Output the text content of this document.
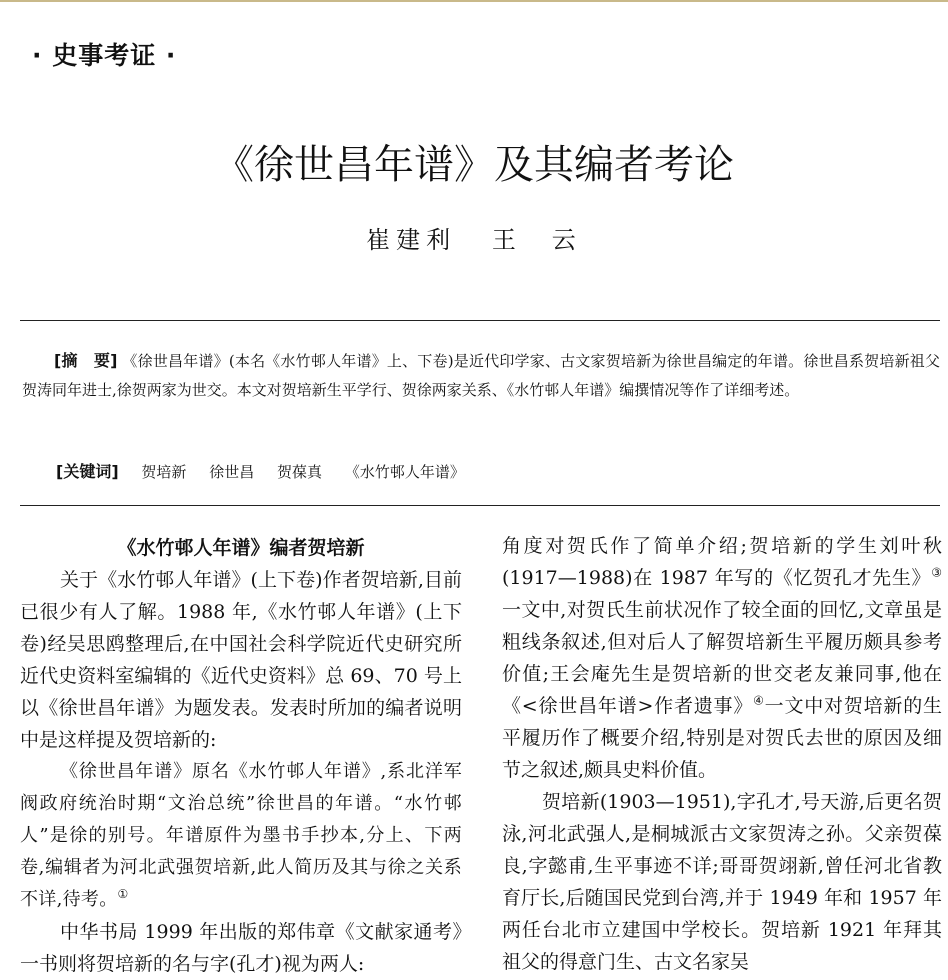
· 史事考证 ·
《徐世昌年谱》及其编者考论
崔建利 王　云
[摘　要] 《徐世昌年谱》(本名《水竹邨人年谱》上、下卷)是近代印学家、古文家贺培新为徐世昌编定的年谱。徐世昌系贺培新祖父贺涛同年进士,徐贺两家为世交。本文对贺培新生平学行、贺徐两家关系、《水竹邨人年谱》编撰情况等作了详细考述。
[关键词] 贺培新 徐世昌 贺葆真 《水竹邨人年谱》
《水竹邨人年谱》编者贺培新

关于《水竹邨人年谱》(上下卷)作者贺培新,目前已很少有人了解。1988 年,《水竹邨人年谱》(上下卷)经吴思鸥整理后,在中国社会科学院近代史研究所近代史资料室编辑的《近代史资料》总 69、70 号上以《徐世昌年谱》为题发表。发表时所加的编者说明中是这样提及贺培新的:

《徐世昌年谱》原名《水竹邨人年谱》,系北洋军阀政府统治时期“文治总统”徐世昌的年谱。“水竹邨人”是徐的别号。年谱原件为墨书手抄本,分上、下两卷,编辑者为河北武强贺培新,此人简历及其与徐之关系不详,待考。①

中华书局 1999 年出版的郑伟章《文献家通考》一书则将贺培新的名与字(孔才)视为两人:

角度对贺氏作了简单介绍;贺培新的学生刘叶秋(1917—1988)在 1987 年写的《忆贺孔才先生》③一文中,对贺氏生前状况作了较全面的回忆,文章虽是粗线条叙述,但对后人了解贺培新生平履历颇具参考价值;王会庵先生是贺培新的世交老友兼同事,他在《<徐世昌年谱>作者遗事》④一文中对贺培新的生平履历作了概要介绍,特别是对贺氏去世的原因及细节之叙述,颇具史料价值。

贺培新(1903—1951),字孔才,号天游,后更名贺泳,河北武强人,是桐城派古文家贺涛之孙。父亲贺葆良,字懿甫,生平事迹不详;哥哥贺翊新,曾任河北省教育厅长,后随国民党到台湾,并于 1949 年和 1957 年两任台北市立建国中学校长。贺培新 1921 年拜其祖父的得意门生、古文名家吴
